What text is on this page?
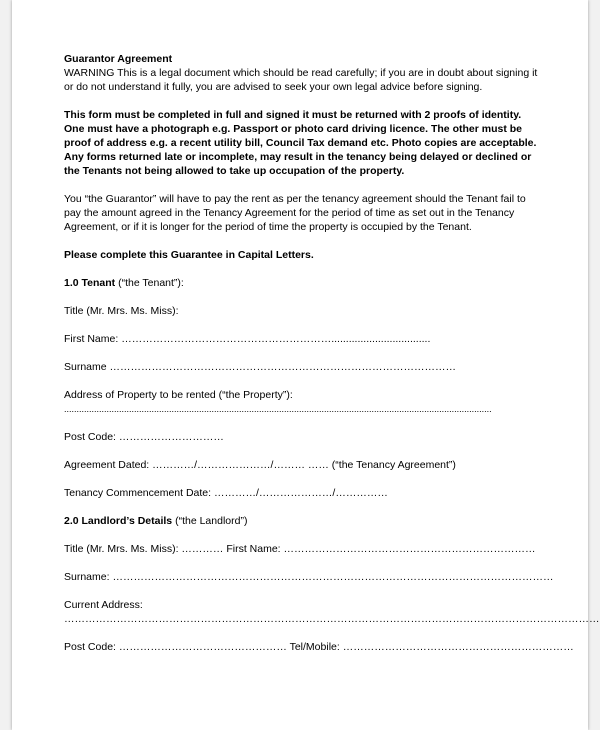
Guarantor Agreement
WARNING This is a legal document which should be read carefully; if you are in doubt about signing it
or do not understand it fully, you are advised to seek your own legal advice before signing.
This form must be completed in full and signed it must be returned with 2 proofs of identity.
One must have a photograph e.g. Passport or photo card driving licence. The other must be
proof of address e.g. a recent utility bill, Council Tax demand etc. Photo copies are acceptable.
Any forms returned late or incomplete, may result in the tenancy being delayed or declined or
the Tenants not being allowed to take up occupation of the property.
You “the Guarantor” will have to pay the rent as per the tenancy agreement should the Tenant fail to
pay the amount agreed in the Tenancy Agreement for the period of time as set out in the Tenancy
Agreement, or if it is longer for the period of time the property is occupied by the Tenant.
Please complete this Guarantee in Capital Letters.
1.0 Tenant (“the Tenant”):
Title (Mr. Mrs. Ms. Miss):
First Name: ……………………………………………………..................................
Surname ………………………………………………………………………………………
Address of Property to be rented (“the Property”):
...........................................................................................................................................................................
Post Code: …………………………
Agreement Dated: …………/…………………/……… …… (“the Tenancy Agreement”)
Tenancy Commencement Date: …………/…………………/……………
2.0 Landlord’s Details (“the Landlord”)
Title (Mr. Mrs. Ms. Miss): ………… First Name: ………………………………………………………………
Surname: ………………………………………………………………………………………………………………
Current Address:
………………………………………………………………………………………………………………………………………
Post Code: ………………………………………… Tel/Mobile: …………………………………………………………
